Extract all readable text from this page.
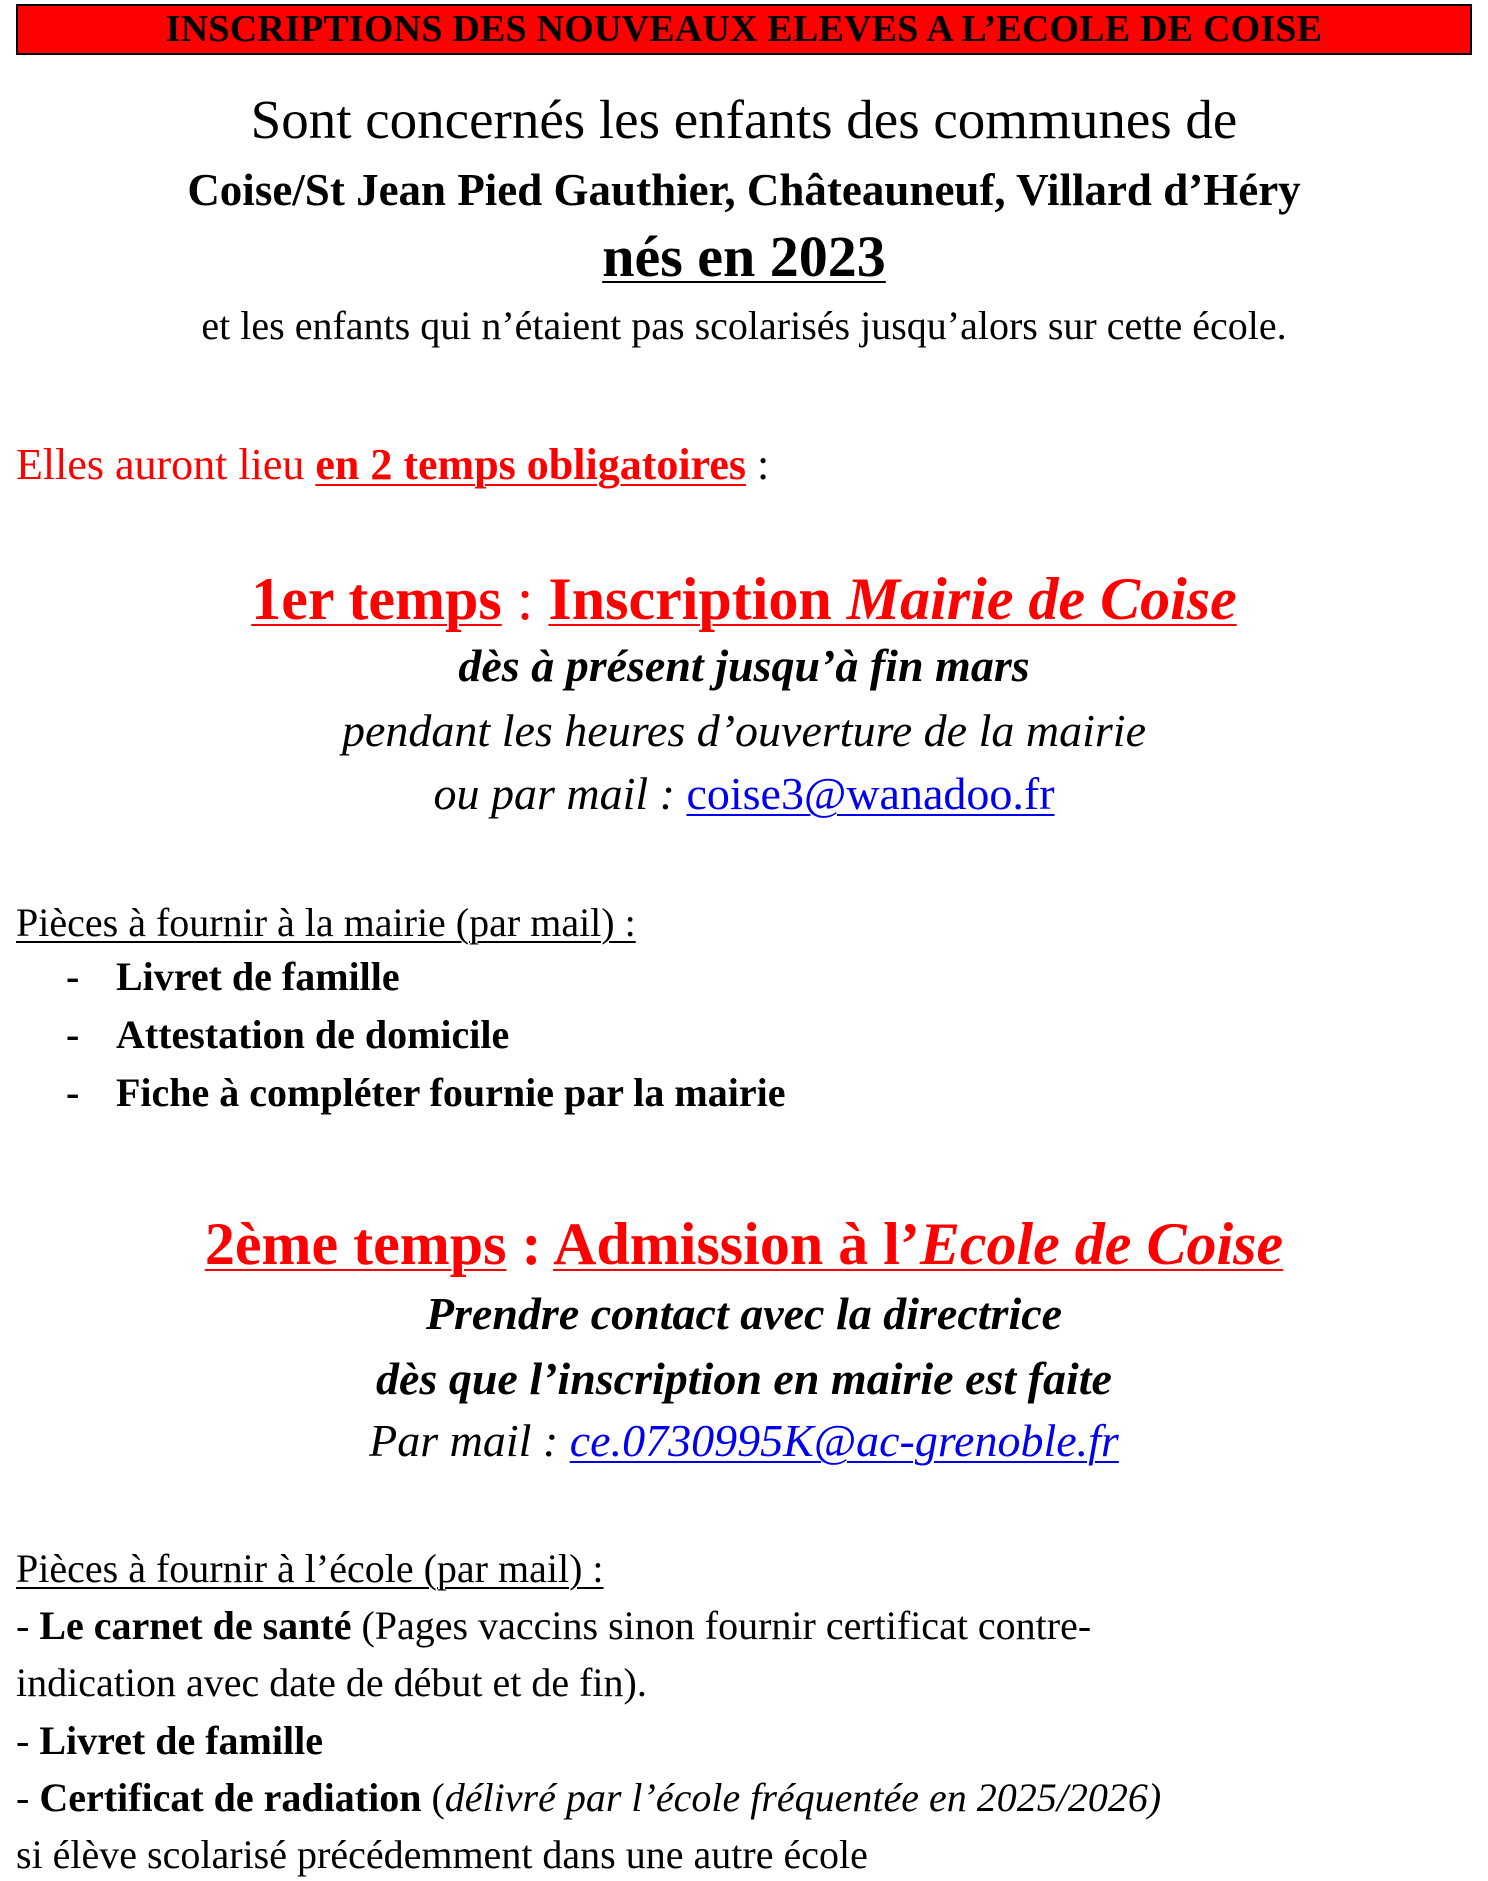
INSCRIPTIONS DES NOUVEAUX ELEVES A L’ECOLE DE COISE
Sont concernés les enfants des communes de
Coise/St Jean Pied Gauthier, Châteauneuf, Villard d’Héry
nés en 2023
et les enfants qui n’étaient pas scolarisés jusqu’alors sur cette école.
Elles auront lieu en 2 temps obligatoires :
1er temps : Inscription Mairie de Coise
dès à présent jusqu’à fin mars
pendant les heures d’ouverture de la mairie
ou par mail : coise3@wanadoo.fr
Pièces à fournir à la mairie (par mail) :
- Livret de famille
- Attestation de domicile
- Fiche à compléter fournie par la mairie
2ème temps : Admission à l’Ecole de Coise
Prendre contact avec la directrice
dès que l’inscription en mairie est faite
Par mail : ce.0730995K@ac-grenoble.fr
Pièces à fournir à l’école (par mail) :
- Le carnet de santé (Pages vaccins sinon fournir certificat contre-
indication avec date de début et de fin).
- Livret de famille
- Certificat de radiation (délivré par l’école fréquentée en 2025/2026)
si élève scolarisé précédemment dans une autre école
